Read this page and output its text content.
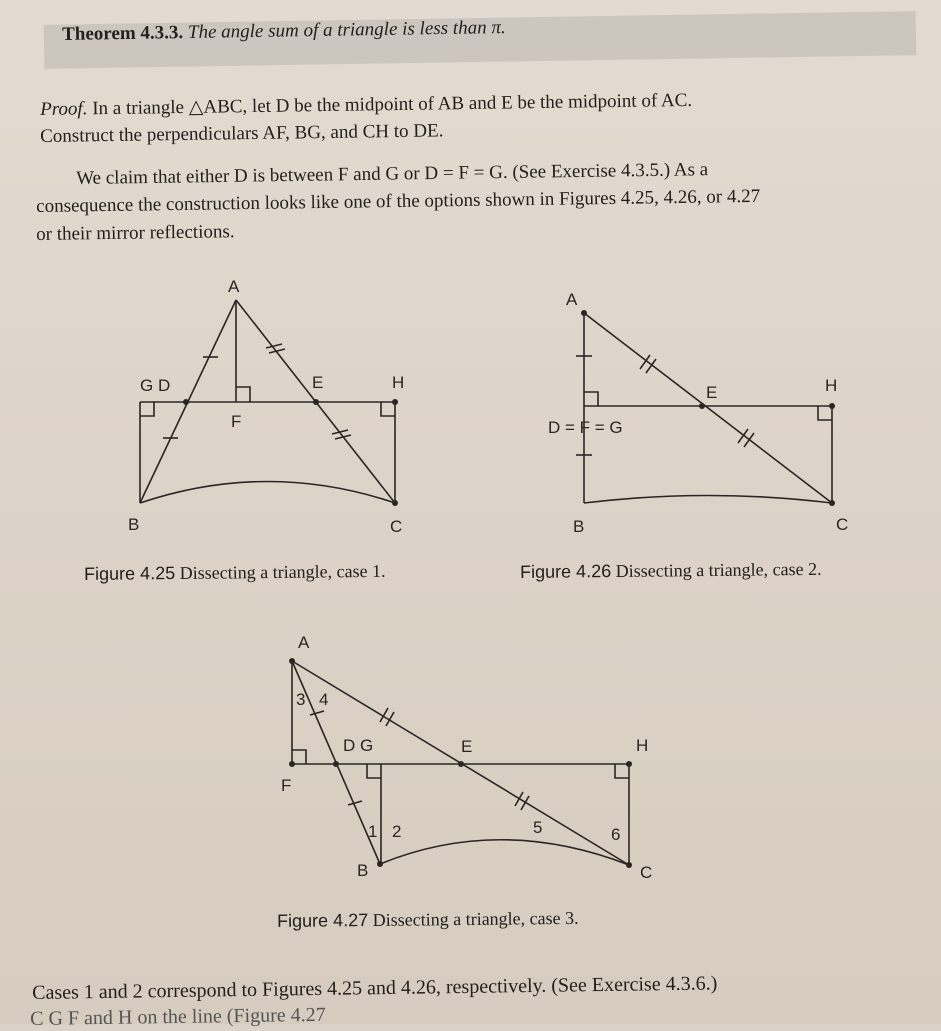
Theorem 4.3.3. The angle sum of a triangle is less than π.
Proof. In a triangle △ABC, let D be the midpoint of AB and E be the midpoint of AC.
Construct the perpendiculars AF, BG, and CH to DE.
We claim that either D is between F and G or D = F = G. (See Exercise 4.3.5.) As a
consequence the construction looks like one of the options shown in Figures 4.25, 4.26, or 4.27
or their mirror reflections.
A
G D	E	H
F
B	C
A
E	H
D = F = G
B	C
Figure 4.25 Dissecting a triangle, case 1.	Figure 4.26 Dissecting a triangle, case 2.
A
3 4
D G	E	H
F
1 2	5	6
B	C
Figure 4.27 Dissecting a triangle, case 3.
Cases 1 and 2 correspond to Figures 4.25 and 4.26, respectively. (See Exercise 4.3.6.)
C G F and H on the line (Figure 4.27
